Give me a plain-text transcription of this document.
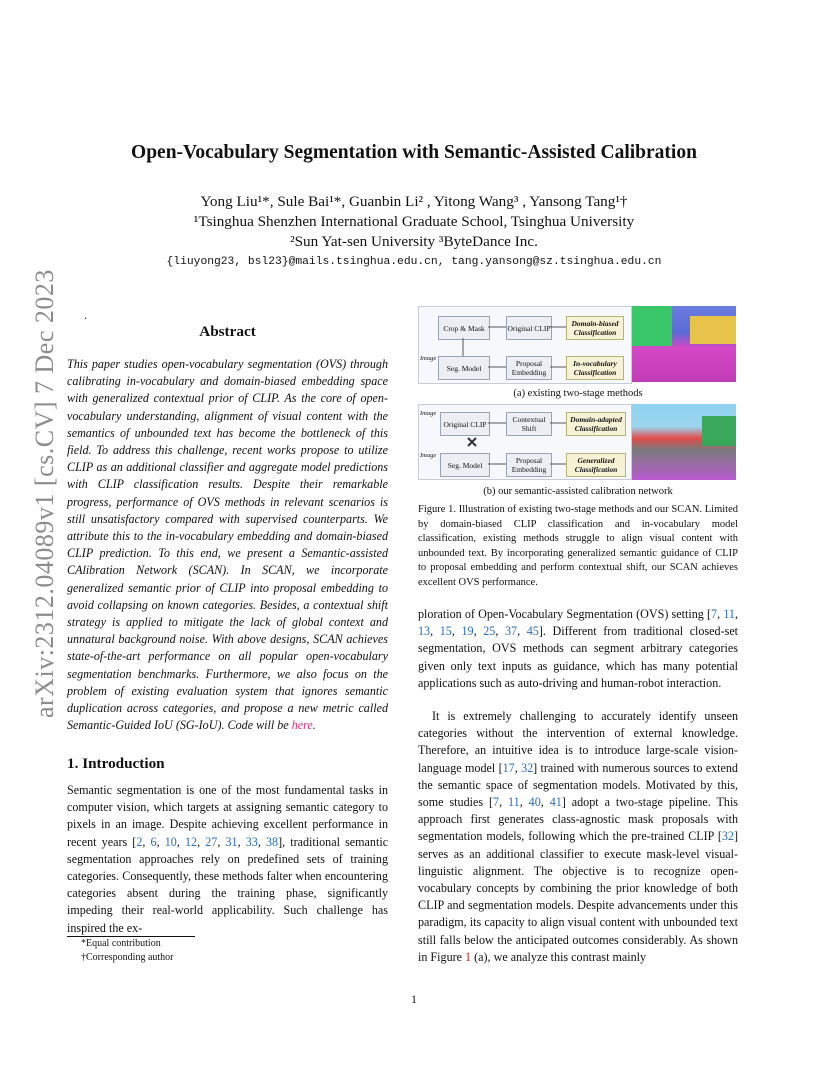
arXiv:2312.04089v1 [cs.CV] 7 Dec 2023
Open-Vocabulary Segmentation with Semantic-Assisted Calibration
Yong Liu¹*, Sule Bai¹*, Guanbin Li² , Yitong Wang³ , Yansong Tang¹†
¹Tsinghua Shenzhen International Graduate School, Tsinghua University
²Sun Yat-sen University ³ByteDance Inc.
{liuyong23, bsl23}@mails.tsinghua.edu.cn, tang.yansong@sz.tsinghua.edu.cn
.
Abstract
This paper studies open-vocabulary segmentation (OVS) through calibrating in-vocabulary and domain-biased embedding space with generalized contextual prior of CLIP. As the core of open-vocabulary understanding, alignment of visual content with the semantics of unbounded text has become the bottleneck of this field. To address this challenge, recent works propose to utilize CLIP as an additional classifier and aggregate model predictions with CLIP classification results. Despite their remarkable progress, performance of OVS methods in relevant scenarios is still unsatisfactory compared with supervised counterparts. We attribute this to the in-vocabulary embedding and domain-biased CLIP prediction. To this end, we present a Semantic-assisted CAlibration Network (SCAN). In SCAN, we incorporate generalized semantic prior of CLIP into proposal embedding to avoid collapsing on known categories. Besides, a contextual shift strategy is applied to mitigate the lack of global context and unnatural background noise. With above designs, SCAN achieves state-of-the-art performance on all popular open-vocabulary segmentation benchmarks. Furthermore, we also focus on the problem of existing evaluation system that ignores semantic duplication across categories, and propose a new metric called Semantic-Guided IoU (SG-IoU). Code will be here.
1. Introduction
Semantic segmentation is one of the most fundamental tasks in computer vision, which targets at assigning semantic category to pixels in an image. Despite achieving excellent performance in recent years [2, 6, 10, 12, 27, 31, 33, 38], traditional semantic segmentation approaches rely on predefined sets of training categories. Consequently, these methods falter when encountering categories absent during the training phase, significantly impeding their real-world applicability. Such challenge has inspired the ex-
*Equal contribution
†Corresponding author
Crop & Mask	Original CLIP	Domain-biased Classification
Image
Seg. Model	Proposal Embedding
In-vocabulary Classification
(a) existing two-stage methods
Image
Original CLIP	Contextual Shift
Domain-adapted Classification
Image
Seg. Model	Proposal Embedding
Generalized Classification
(b) our semantic-assisted calibration network
Figure 1. Illustration of existing two-stage methods and our SCAN. Limited by domain-biased CLIP classification and in-vocabulary model classification, existing methods struggle to align visual content with unbounded text. By incorporating generalized semantic guidance of CLIP to proposal embedding and perform contextual shift, our SCAN achieves excellent OVS performance.
ploration of Open-Vocabulary Segmentation (OVS) setting [7, 11, 13, 15, 19, 25, 37, 45]. Different from traditional closed-set segmentation, OVS methods can segment arbitrary categories given only text inputs as guidance, which has many potential applications such as auto-driving and human-robot interaction.
It is extremely challenging to accurately identify unseen categories without the intervention of external knowledge. Therefore, an intuitive idea is to introduce large-scale vision-language model [17, 32] trained with numerous sources to extend the semantic space of segmentation models. Motivated by this, some studies [7, 11, 40, 41] adopt a two-stage pipeline. This approach first generates class-agnostic mask proposals with segmentation models, following which the pre-trained CLIP [32] serves as an additional classifier to execute mask-level visual-linguistic alignment. The objective is to recognize open-vocabulary concepts by combining the prior knowledge of both CLIP and segmentation models. Despite advancements under this paradigm, its capacity to align visual content with unbounded text still falls below the anticipated outcomes considerably. As shown in Figure 1 (a), we analyze this contrast mainly
1
